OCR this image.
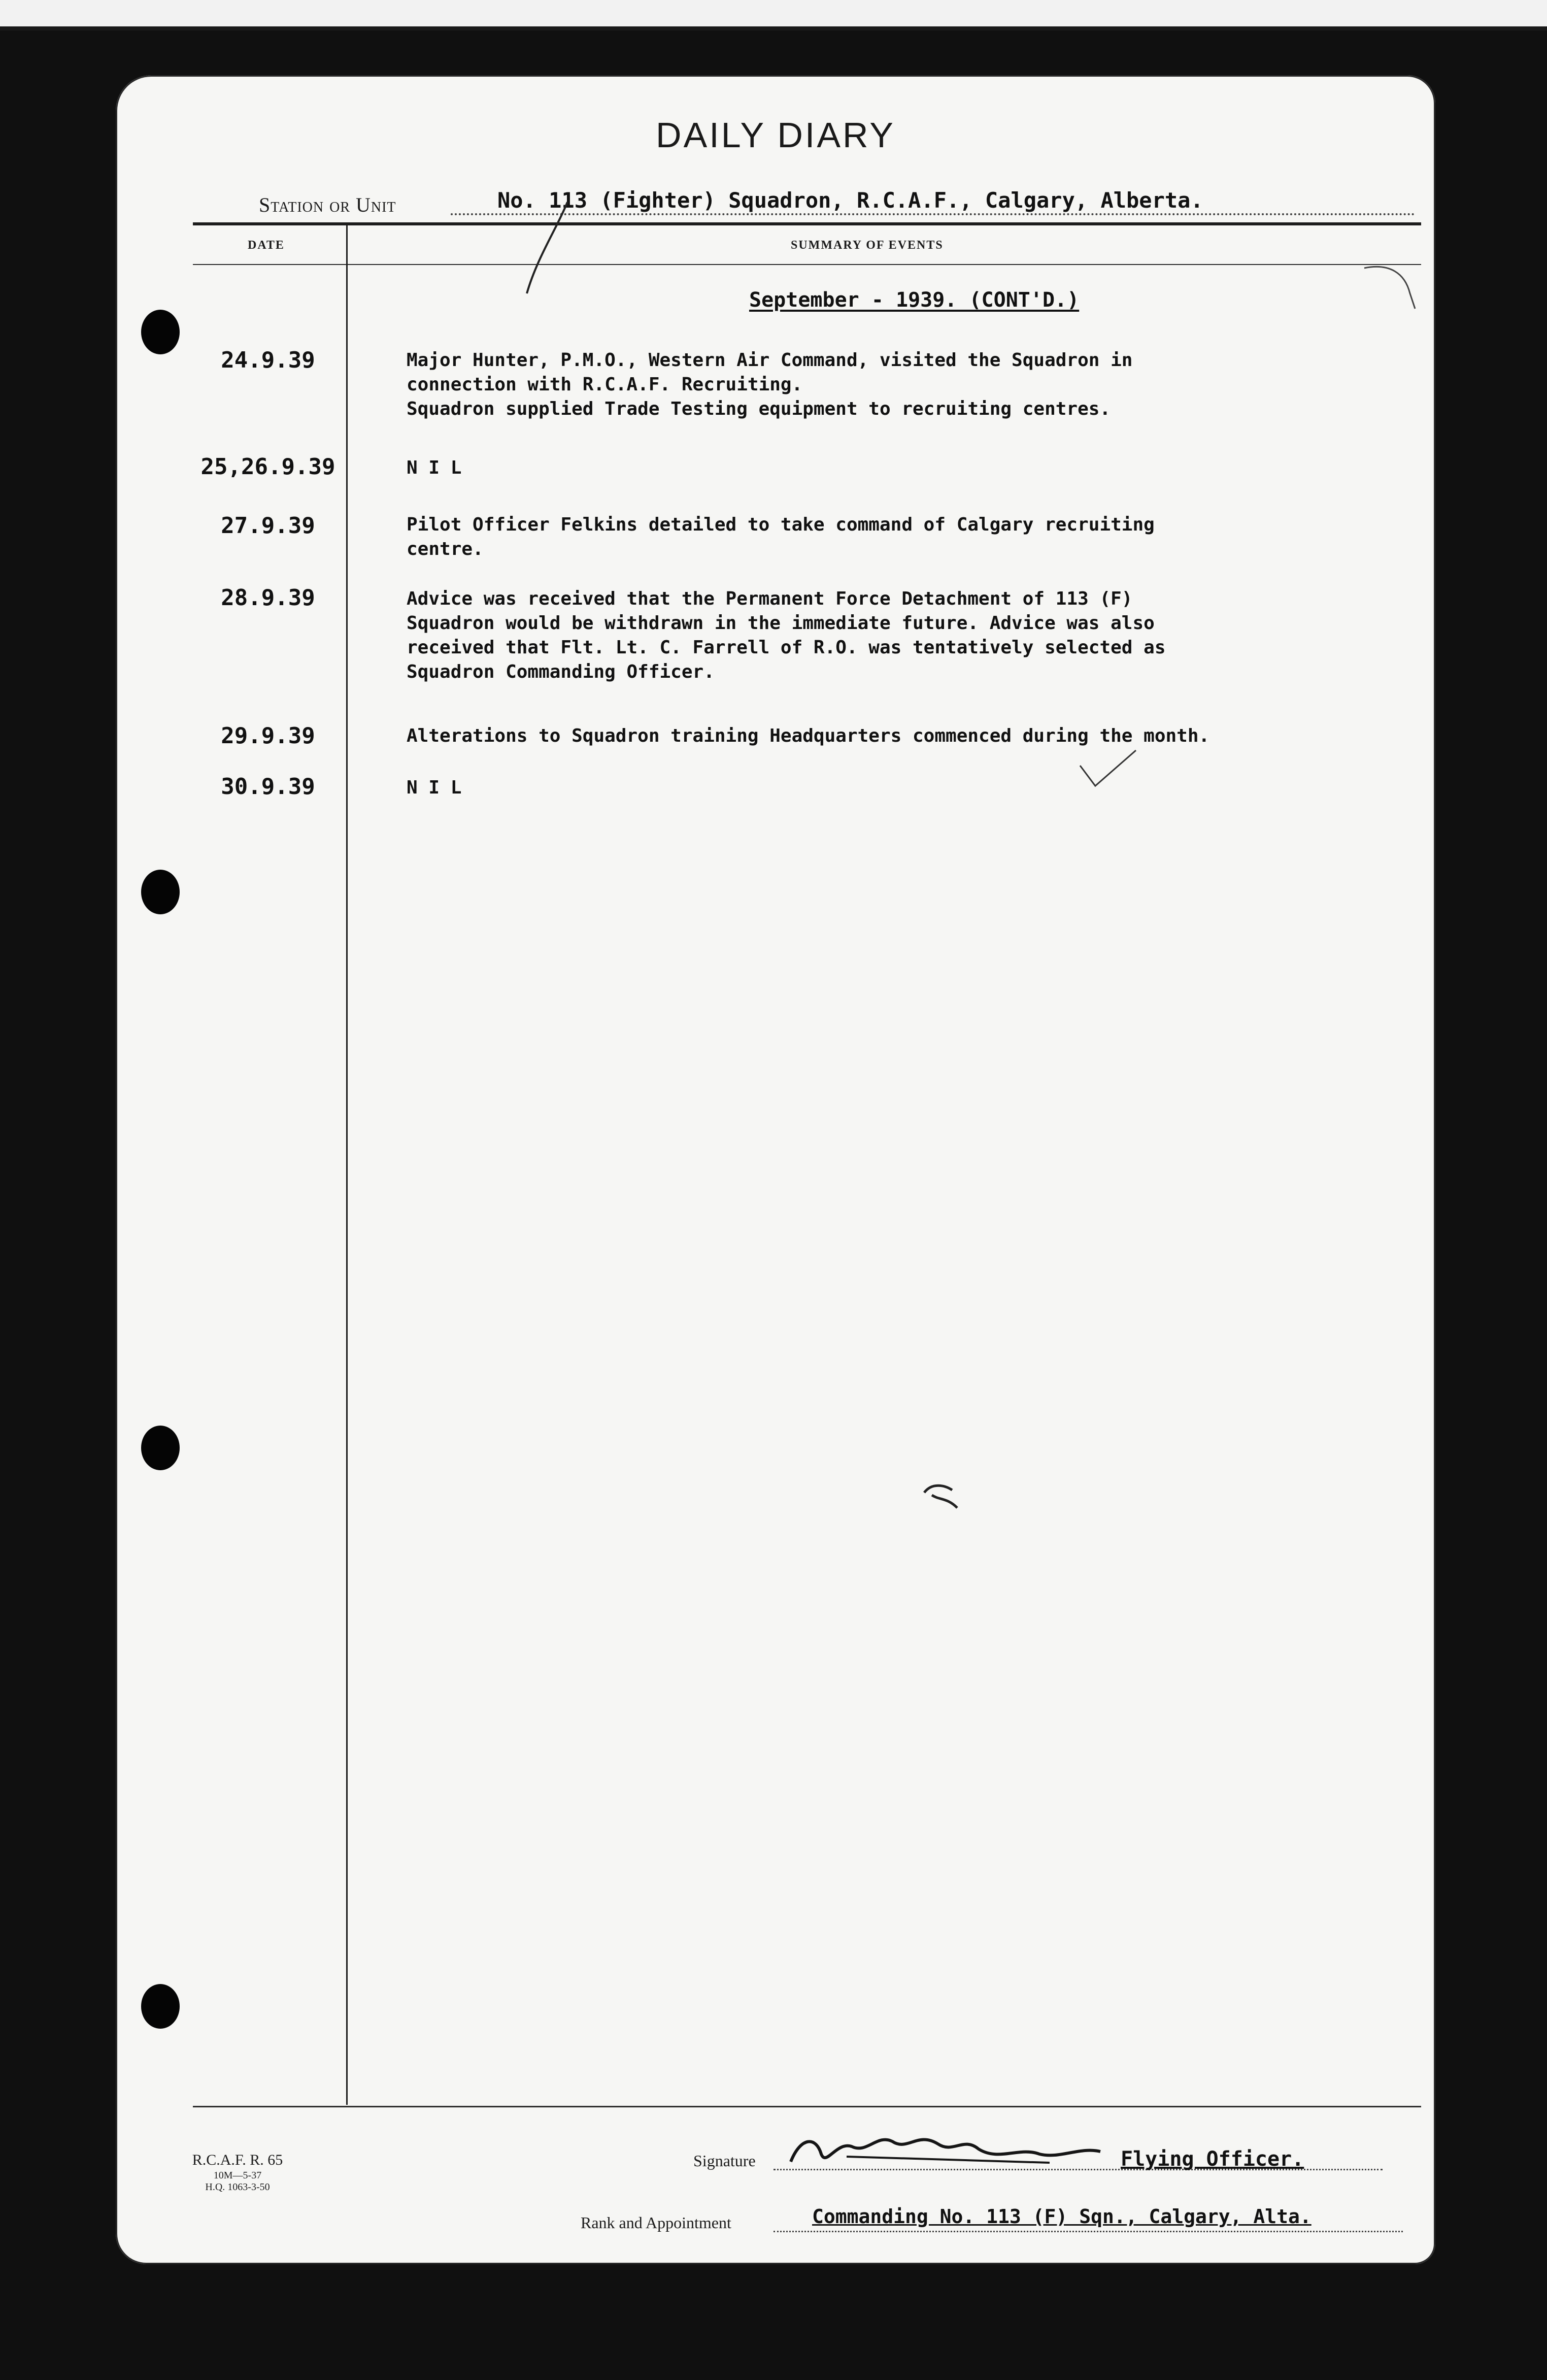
DAILY DIARY
Station or Unit	No. 113 (Fighter) Squadron, R.C.A.F., Calgary, Alberta.
DATE	SUMMARY OF EVENTS
September - 1939. (CONT'D.)
24.9.39	Major Hunter, P.M.O., Western Air Command, visited the Squadron in
connection with R.C.A.F. Recruiting.
Squadron supplied Trade Testing equipment to recruiting centres.
25,26.9.39	N I L
27.9.39	Pilot Officer Felkins detailed to take command of Calgary recruiting
centre.
28.9.39	Advice was received that the Permanent Force Detachment of 113 (F)
Squadron would be withdrawn in the immediate future. Advice was also
received that Flt. Lt. C. Farrell of R.O. was tentatively selected as
Squadron Commanding Officer.
29.9.39	Alterations to Squadron training Headquarters commenced during the month.
30.9.39	N I L
R.C.A.F. R. 65
10M—5-37
H.Q. 1063-3-50
Signature	Flying Officer.
Rank and Appointment	Commanding No. 113 (F) Sqn., Calgary, Alta.
